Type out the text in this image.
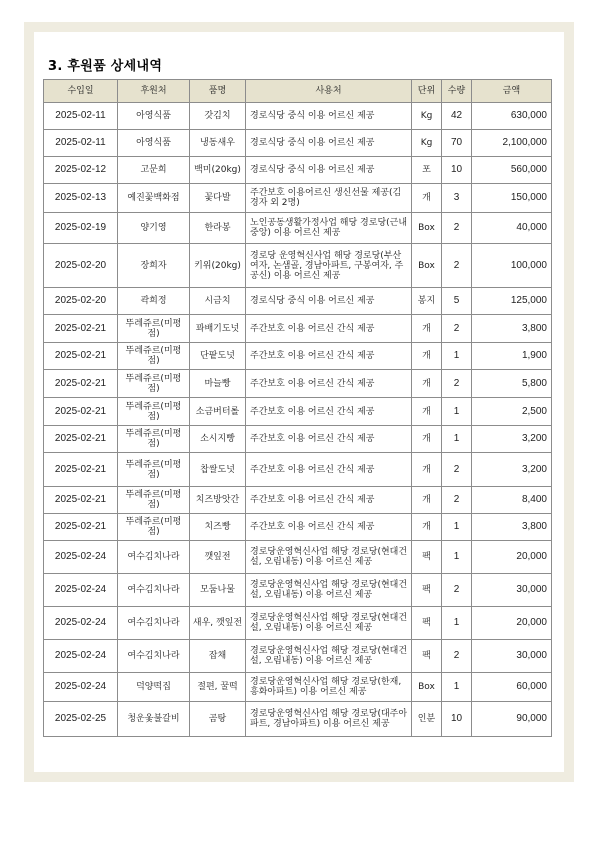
3. 후원품 상세내역
수입일	후원처	품명	사용처	단위	수량	금액
2025-02-11	아영식품	갓김치	경로식당 중식 이용 어르신 제공	Kg	42	630,000
2025-02-11	아영식품	냉동새우	경로식당 중식 이용 어르신 제공	Kg	70	2,100,000
2025-02-12	고문희	백미(20kg)	경로식당 중식 이용 어르신 제공	포	10	560,000
2025-02-13	예진꽃백화점	꽃다발	주간보호 이용어르신 생신선물 제공(김경자 외 2명)	개	3	150,000
2025-02-19	양기영	한라봉	노인공동생활가정사업 해당 경로당(근내중앙) 이용 어르신 제공	Box	2	40,000
2025-02-20	장희자	키위(20kg)	경로당 운영혁신사업 해당 경로당(부산여자, 논샘골, 경남아파트, 구봉여자, 주공신) 이용 어르신 제공	Box	2	100,000
2025-02-20	곽희정	시금치	경로식당 중식 이용 어르신 제공	봉지	5	125,000
2025-02-21	뚜레쥬르(미평점)	꽈배기도넛	주간보호 이용 어르신 간식 제공	개	2	3,800
2025-02-21	뚜레쥬르(미평점)	단팥도넛	주간보호 이용 어르신 간식 제공	개	1	1,900
2025-02-21	뚜레쥬르(미평점)	마늘빵	주간보호 이용 어르신 간식 제공	개	2	5,800
2025-02-21	뚜레쥬르(미평점)	소금버터롤	주간보호 이용 어르신 간식 제공	개	1	2,500
2025-02-21	뚜레쥬르(미평점)	소시지빵	주간보호 이용 어르신 간식 제공	개	1	3,200
2025-02-21	뚜레쥬르(미평점)	찹쌀도넛	주간보호 이용 어르신 간식 제공	개	2	3,200
2025-02-21	뚜레쥬르(미평점)	치즈방앗간	주간보호 이용 어르신 간식 제공	개	2	8,400
2025-02-21	뚜레쥬르(미평점)	치즈빵	주간보호 이용 어르신 간식 제공	개	1	3,800
2025-02-24	여수김치나라	깻잎전	경로당운영혁신사업 해당 경로당(현대건설, 오림내동) 이용 어르신 제공	팩	1	20,000
2025-02-24	여수김치나라	모둠나물	경로당운영혁신사업 해당 경로당(현대건설, 오림내동) 이용 어르신 제공	팩	2	30,000
2025-02-24	여수김치나라	새우, 깻잎전	경로당운영혁신사업 해당 경로당(현대건설, 오림내동) 이용 어르신 제공	팩	1	20,000
2025-02-24	여수김치나라	잡채	경로당운영혁신사업 해당 경로당(현대건설, 오림내동) 이용 어르신 제공	팩	2	30,000
2025-02-24	덕양떡집	절편, 꿀떡	경로당운영혁신사업 해당 경로당(한재,흥화아파트) 이용 어르신 제공	Box	1	60,000
2025-02-25	청운옻불갈비	곰탕	경로당운영혁신사업 해당 경로당(대주아파트, 경남아파트) 이용 어르신 제공	인분	10	90,000
